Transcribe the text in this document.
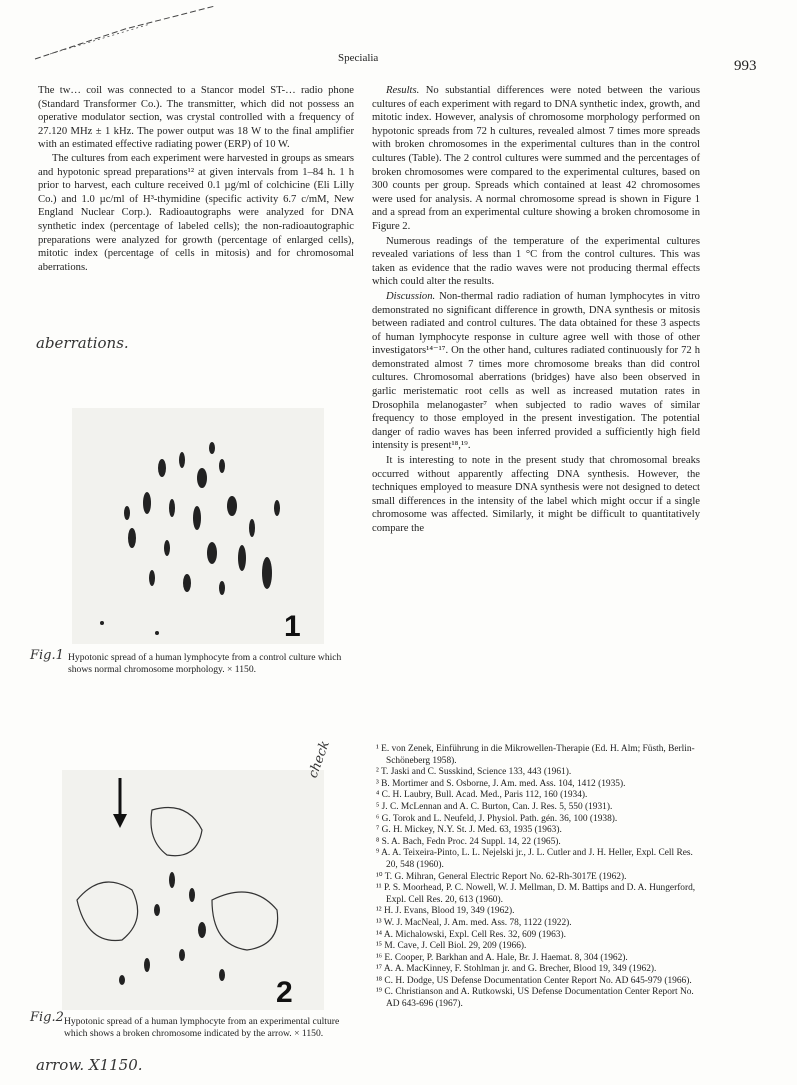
Specialia	993

The tw… coil was connected to a Stancor model ST-… radio phone (Standard Transformer Co.). The transmitter, which did not possess an operative modulator section, was crystal controlled with a frequency of 27.120 MHz ± 1 kHz. The power output was 18 W to the final amplifier with an estimated effective radiating power (ERP) of 10 W.

The cultures from each experiment were harvested in groups as smears and hypotonic spread preparations¹² at given intervals from 1–84 h. 1 h prior to harvest, each culture received 0.1 µg/ml of colchicine (Eli Lilly Co.) and 1.0 µc/ml of H³-thymidine (specific activity 6.7 c/mM, New England Nuclear Corp.). Radioautographs were analyzed for DNA synthetic index (percentage of labeled cells); the non-radioautographic preparations were analyzed for growth (percentage of enlarged cells), mitotic index (percentage of cells in mitosis) and for chromosomal aberrations.

1
Fig.1 Hypotonic spread of a human lymphocyte from a control culture which shows normal chromosome morphology. × 1150.
2
Fig.2 Hypotonic spread of a human lymphocyte from an experimental culture which shows a broken chromosome indicated by the arrow. × 1150.
arrow. X1150.
aberrations.

Results. No substantial differences were noted between the various cultures of each experiment with regard to DNA synthetic index, growth, and mitotic index. However, analysis of chromosome morphology performed on hypotonic spreads from 72 h cultures, revealed almost 7 times more spreads with broken chromosomes in the experimental cultures than in the control cultures (Table). The 2 control cultures were summed and the percentages of broken chromosomes were compared to the experimental cultures, based on 300 counts per group. Spreads which contained at least 42 chromosomes were used for analysis. A normal chromosome spread is shown in Figure 1 and a spread from an experimental culture showing a broken chromosome in Figure 2.

Numerous readings of the temperature of the experimental cultures revealed variations of less than 1 °C from the control cultures. This was taken as evidence that the radio waves were not producing thermal effects which could alter the results.

Discussion. Non-thermal radio radiation of human lymphocytes in vitro demonstrated no significant difference in growth, DNA synthesis or mitosis between radiated and control cultures. The data obtained for these 3 aspects of human lymphocyte response in culture agree well with those of other investigators¹⁴⁻¹⁷. On the other hand, cultures radiated continuously for 72 h demonstrated almost 7 times more chromosome breaks than did control cultures. Chromosomal aberrations (bridges) have also been observed in garlic meristematic root cells as well as increased mutation rates in Drosophila melanogaster⁷ when subjected to radio waves of similar frequency to those employed in the present investigation. The potential danger of radio waves has been inferred provided a sufficiently high field intensity is present¹⁸,¹⁹.

It is interesting to note in the present study that chromosomal breaks occurred without apparently affecting DNA synthesis. However, the techniques employed to measure DNA synthesis were not designed to detect small differences in the intensity of the label which might occur if a single chromosome was affected. Similarly, it might be difficult to quantitatively compare the

check	¹ E. von Zenek, Einführung in die Mikrowellen-Therapie (Ed. H. Alm; Füsth, Berlin-Schöneberg 1958).

² T. Jaski and C. Susskind, Science 133, 443 (1961).

³ B. Mortimer and S. Osborne, J. Am. med. Ass. 104, 1412 (1935).

⁴ C. H. Laubry, Bull. Acad. Med., Paris 112, 160 (1934).

⁵ J. C. McLennan and A. C. Burton, Can. J. Res. 5, 550 (1931).

⁶ G. Torok and L. Neufeld, J. Physiol. Path. gén. 36, 100 (1938).

⁷ G. H. Mickey, N.Y. St. J. Med. 63, 1935 (1963).

⁸ S. A. Bach, Fedn Proc. 24 Suppl. 14, 22 (1965).

⁹ A. A. Teixeira-Pinto, L. L. Nejelski jr., J. L. Cutler and J. H. Heller, Expl. Cell Res. 20, 548 (1960).

¹⁰ T. G. Mihran, General Electric Report No. 62-Rh-3017E (1962).

¹¹ P. S. Moorhead, P. C. Nowell, W. J. Mellman, D. M. Battips and D. A. Hungerford, Expl. Cell Res. 20, 613 (1960).

¹² H. J. Evans, Blood 19, 349 (1962).

¹³ W. J. MacNeal, J. Am. med. Ass. 78, 1122 (1922).

¹⁴ A. Michalowski, Expl. Cell Res. 32, 609 (1963).

¹⁵ M. Cave, J. Cell Biol. 29, 209 (1966).

¹⁶ E. Cooper, P. Barkhan and A. Hale, Br. J. Haemat. 8, 304 (1962).

¹⁷ A. A. MacKinney, F. Stohlman jr. and G. Brecher, Blood 19, 349 (1962).

¹⁸ C. H. Dodge, US Defense Documentation Center Report No. AD 645-979 (1966).

¹⁹ C. Christianson and A. Rutkowski, US Defense Documentation Center Report No. AD 643-696 (1967).
